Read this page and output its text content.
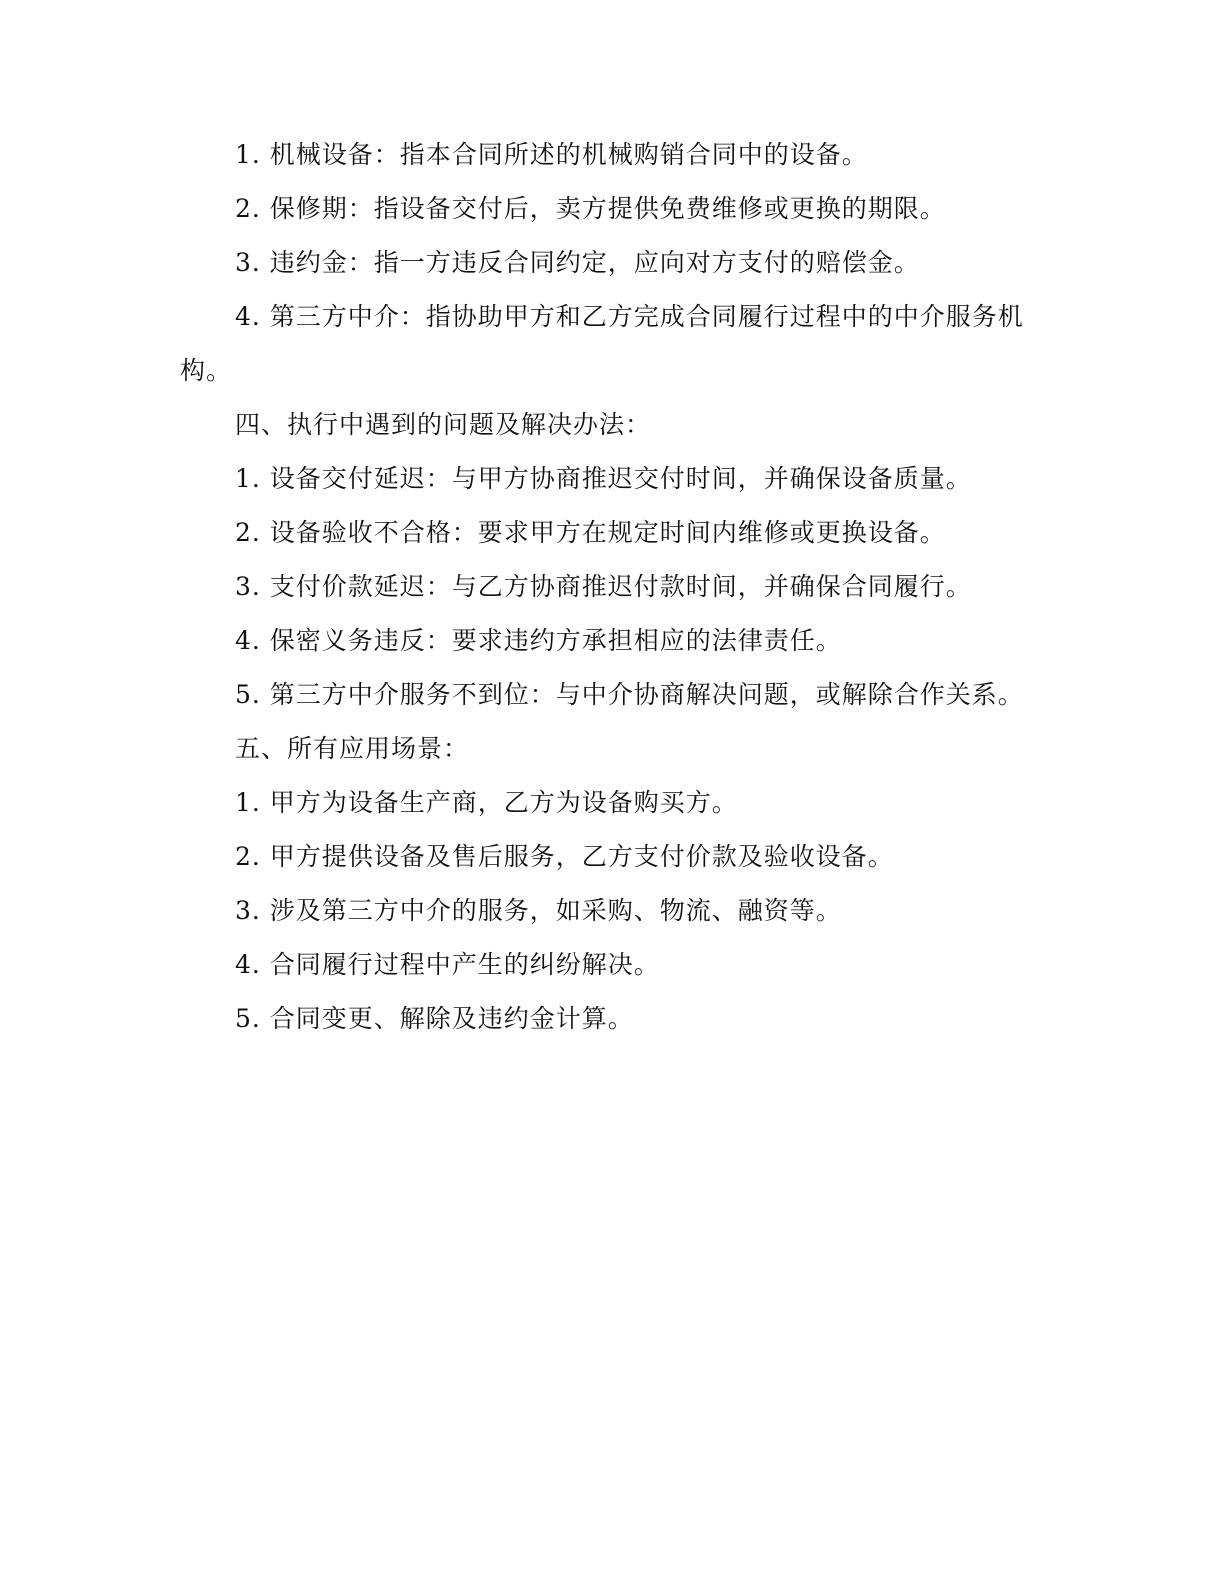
1. 机械设备：指本合同所述的机械购销合同中的设备。

2. 保修期：指设备交付后，卖方提供免费维修或更换的期限。

3. 违约金：指一方违反合同约定，应向对方支付的赔偿金。

4. 第三方中介：指协助甲方和乙方完成合同履行过程中的中介服务机构。

四、执行中遇到的问题及解决办法：

1. 设备交付延迟：与甲方协商推迟交付时间，并确保设备质量。

2. 设备验收不合格：要求甲方在规定时间内维修或更换设备。

3. 支付价款延迟：与乙方协商推迟付款时间，并确保合同履行。

4. 保密义务违反：要求违约方承担相应的法律责任。

5. 第三方中介服务不到位：与中介协商解决问题，或解除合作关系。

五、所有应用场景：

1. 甲方为设备生产商，乙方为设备购买方。

2. 甲方提供设备及售后服务，乙方支付价款及验收设备。

3. 涉及第三方中介的服务，如采购、物流、融资等。

4. 合同履行过程中产生的纠纷解决。

5. 合同变更、解除及违约金计算。
